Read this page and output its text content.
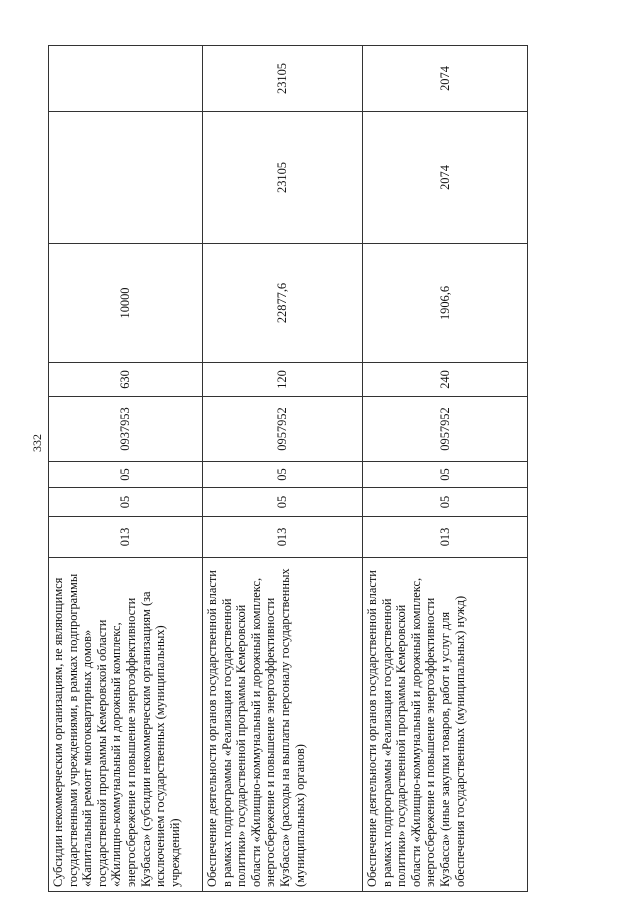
332
Субсидии некоммерческим организациям, не являющимся государственными учреждениями, в рамках подпрограммы «Капитальный ремонт многоквартирных домов» государственной программы Кемеровской области «Жилищно-коммунальный и дорожный комплекс, энергосбережение и повышение энергоэффективности Кузбасса» (субсидии некоммерческим организациям (за исключением государственных (муниципальных) учреждений)	013	05	05	0937953	630	10000		
Обеспечение деятельности органов государственной власти в рамках подпрограммы «Реализация государственной политики» государственной программы Кемеровской области «Жилищно-коммунальный и дорожный комплекс, энергосбережение и повышение энергоэффективности Кузбасса» (расходы на выплаты персоналу государственных (муниципальных) органов)	013	05	05	0957952	120	22877,6	23105	23105
Обеспечение деятельности органов государственной власти в рамках подпрограммы «Реализация государственной политики» государственной программы Кемеровской области «Жилищно-коммунальный и дорожный комплекс, энергосбережение и повышение энергоэффективности Кузбасса» (иные закупки товаров, работ и услуг для обеспечения государственных (муниципальных) нужд)	013	05	05	0957952	240	1906,6	2074	2074
